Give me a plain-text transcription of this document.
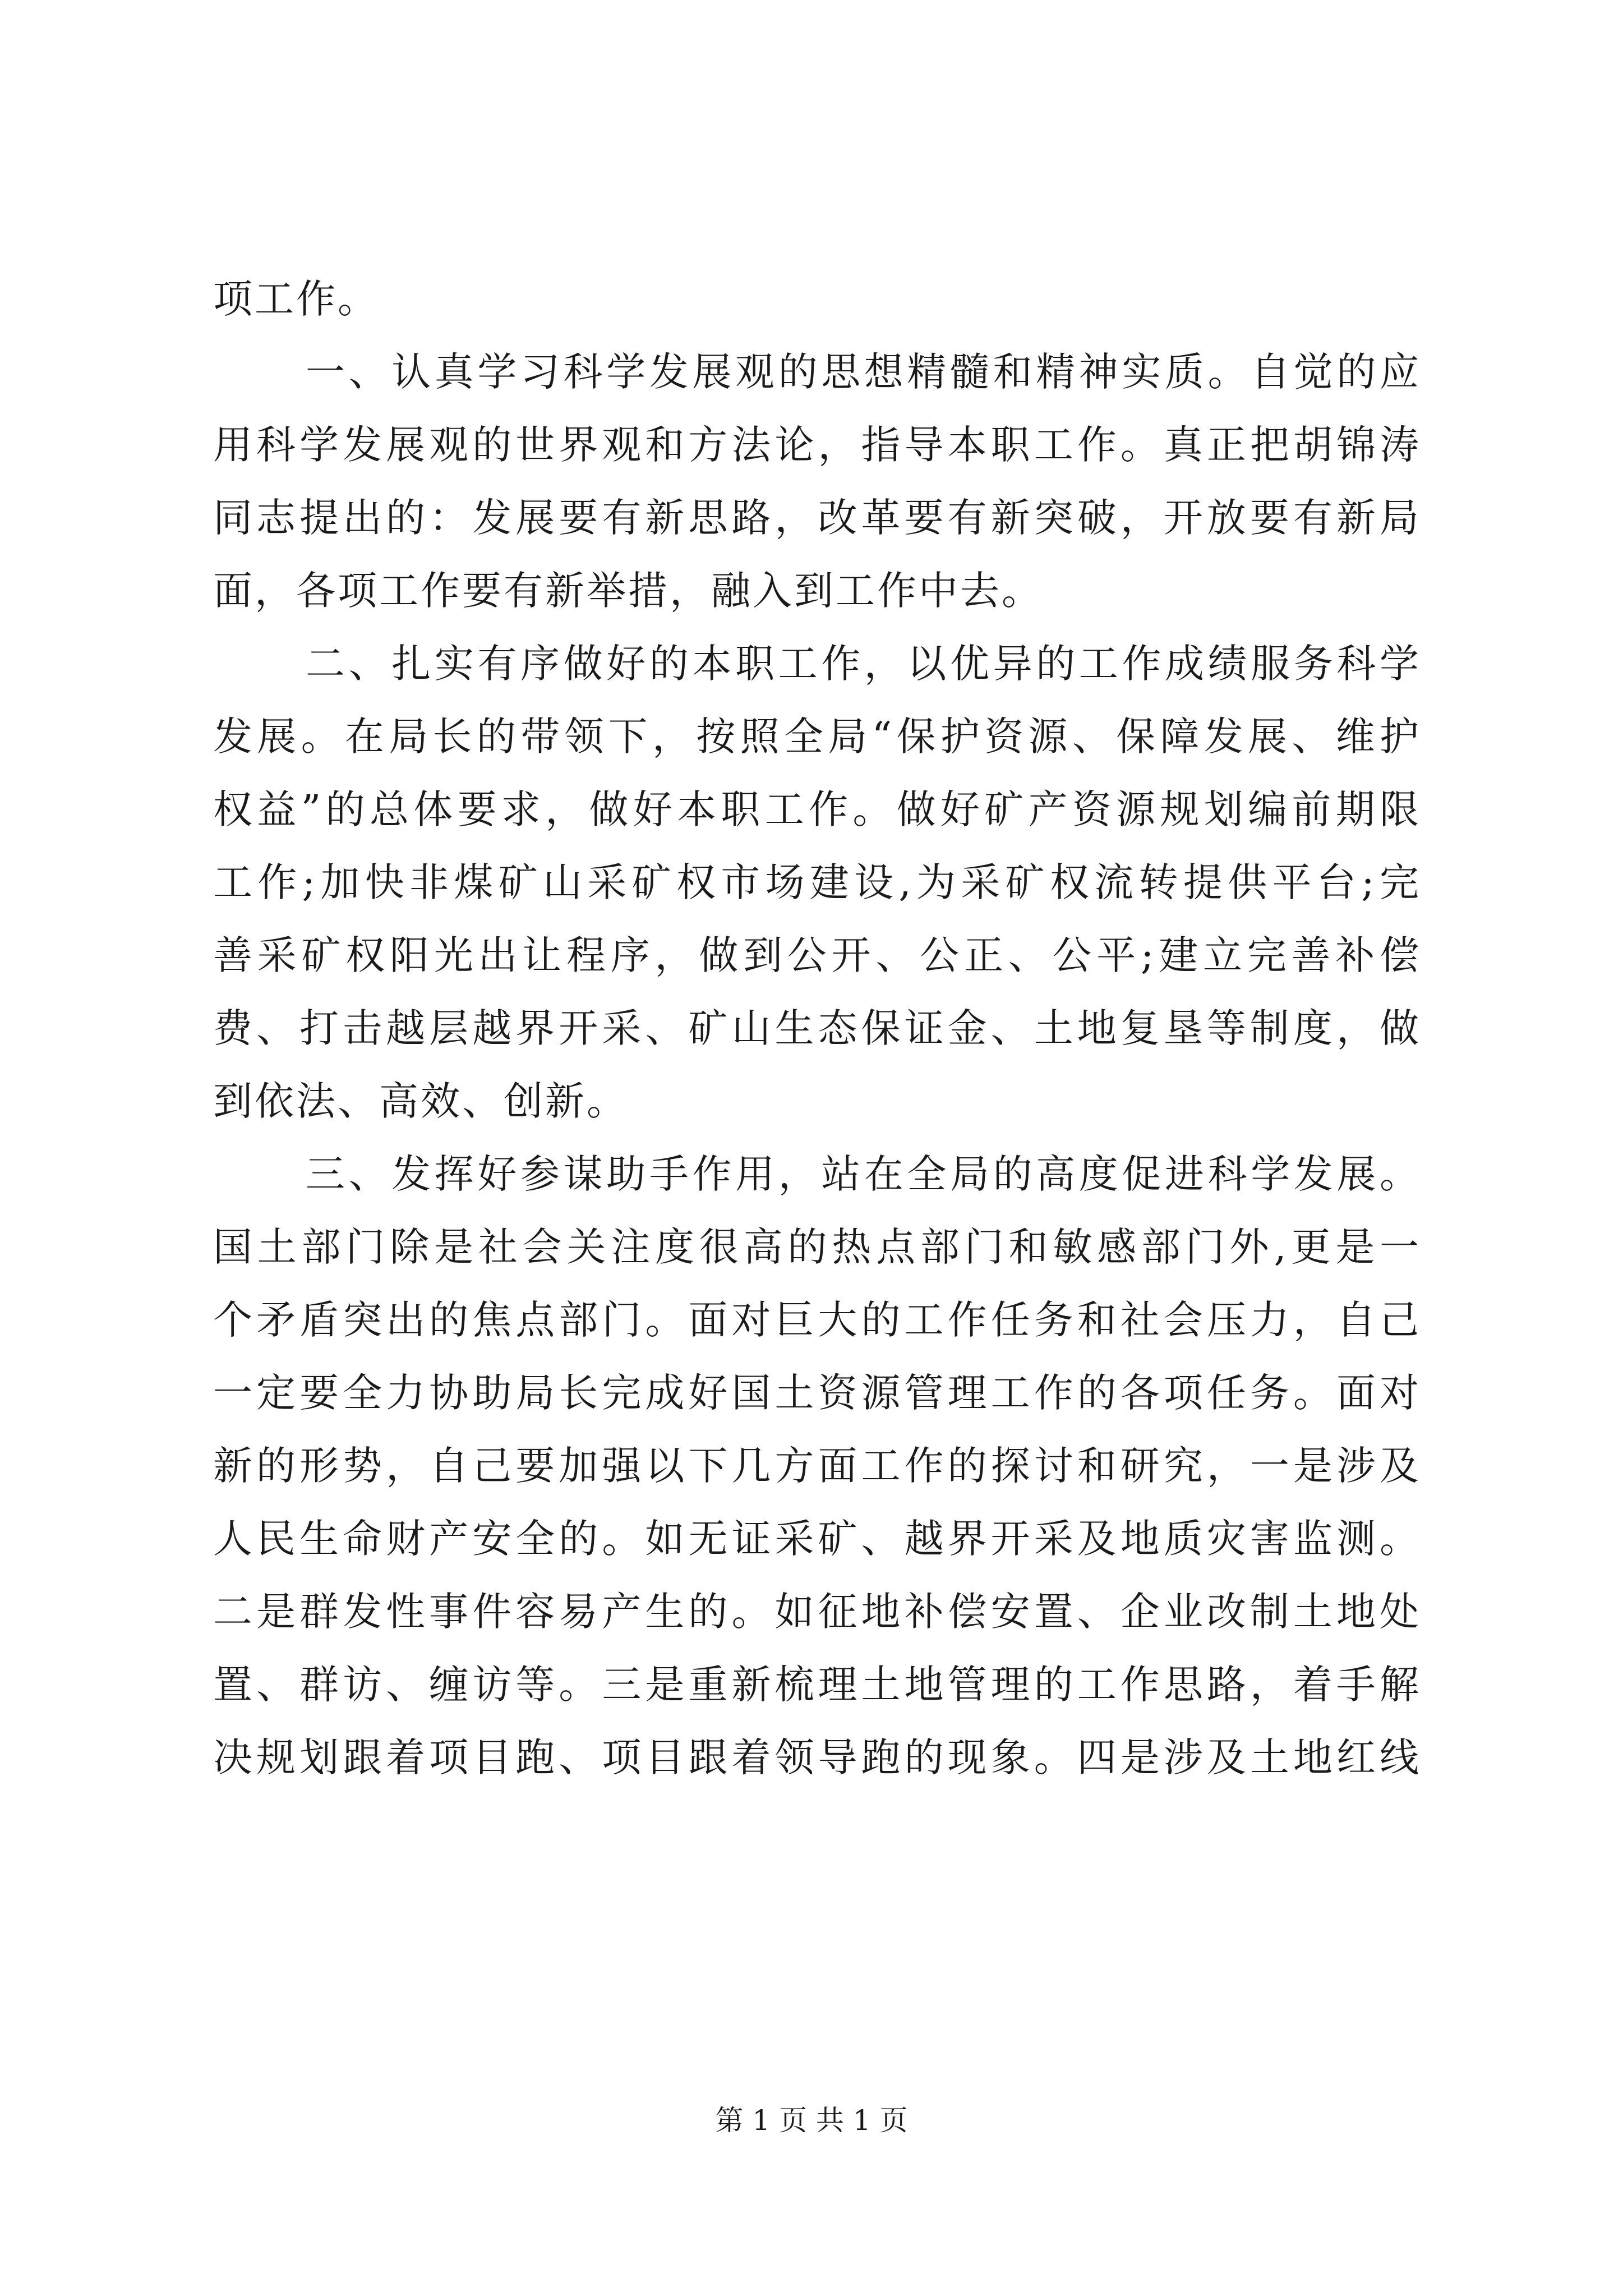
项工作。
一、认真学习科学发展观的思想精髓和精神实质。自觉的应
用科学发展观的世界观和方法论，指导本职工作。真正把胡锦涛
同志提出的：发展要有新思路，改革要有新突破，开放要有新局
面，各项工作要有新举措，融入到工作中去。
二、扎实有序做好的本职工作，以优异的工作成绩服务科学
发展。在局长的带领下，按照全局“保护资源、保障发展、维护
权益”的总体要求，做好本职工作。做好矿产资源规划编前期限
工作;加快非煤矿山采矿权市场建设,为采矿权流转提供平台;完
善采矿权阳光出让程序，做到公开、公正、公平;建立完善补偿
费、打击越层越界开采、矿山生态保证金、土地复垦等制度，做
到依法、高效、创新。
三、发挥好参谋助手作用，站在全局的高度促进科学发展。
国土部门除是社会关注度很高的热点部门和敏感部门外,更是一
个矛盾突出的焦点部门。面对巨大的工作任务和社会压力，自己
一定要全力协助局长完成好国土资源管理工作的各项任务。面对
新的形势，自己要加强以下几方面工作的探讨和研究，一是涉及
人民生命财产安全的。如无证采矿、越界开采及地质灾害监测。
二是群发性事件容易产生的。如征地补偿安置、企业改制土地处
置、群访、缠访等。三是重新梳理土地管理的工作思路，着手解
决规划跟着项目跑、项目跟着领导跑的现象。四是涉及土地红线
第 1 页 共 1 页
